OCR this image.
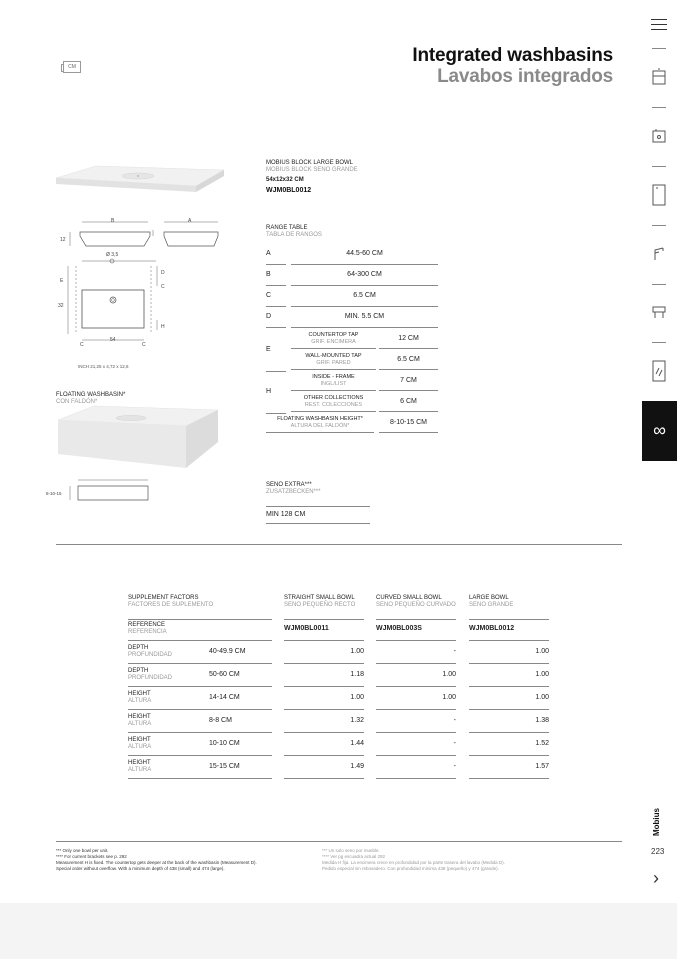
CM
Integrated washbasins
Lavabos integrados
B	A
12
Ø 3,5
E
D
C
32
H
C
54
C
INCH 21,25 x 4,72 x 12,6
MOBIUS BLOCK LARGE BOWL
MOBIUS BLOCK SENO GRANDE
54x12x32 CM
WJM0BL0012
RANGE TABLE
TABLA DE RANGOS
A	44.5-60 CM
B	64-300 CM
C	6.5 CM
D	MIN. 5.5 CM
E
COUNTERTOP TAP
GRIF. ENCIMERA	12 CM
WALL-MOUNTED TAP
GRIF. PARED	6.5 CM
H
INSIDE - FRAME
INGL/LIST	7 CM
OTHER COLLECTIONS
REST. COLECCIONES	6 CM
FLOATING WASHBASIN HEIGHT*
ALTURA DEL FALDÓN*	8-10-15 CM
FLOATING WASHBASIN*
CON FALDÓN*
8-10-15
SENO EXTRA***
ZUSATZBECKEN***
MIN 128 CM
SUPPLEMENT FACTORS
FACTORES DE SUPLEMENTO
STRAIGHT SMALL BOWL
SENO PEQUEÑO RECTO
CURVED SMALL BOWL
SENO PEQUEÑO CURVADO
LARGE BOWL
SENO GRANDE
REFERENCE
REFERENCIA	WJM0BL0011	WJM0BL003S	WJM0BL0012
DEPTH
PROFUNDIDAD	40-49.9 CM	1.00	-	1.00
DEPTH
PROFUNDIDAD	50-60 CM	1.18	1.00	1.00
HEIGHT
ALTURA	14-14 CM	1.00	1.00	1.00
HEIGHT
ALTURA	8-8 CM	1.32	-	1.38
HEIGHT
ALTURA	10-10 CM	1.44	-	1.52
HEIGHT
ALTURA	15-15 CM	1.49	-	1.57
*** Only one bowl per unit.
**** For current brackets see p. 292
Measurement H is fixed. The countertop gets deeper at the back of the washbasin (Measurement D).
Special order without overflow. With a minimum depth of 438 (small) and 474 (large).
*** Un solo seno por mueble.
**** Ver pg escuadra actual 292
Medida H fija. La encimera crece en profundidad por la parte trasera del lavabo (Medida D).
Pedido especial sin rebosadero. Con profundidad mínima 438 (pequeño) y 474 (grande).
∞
Mobius
223
›
